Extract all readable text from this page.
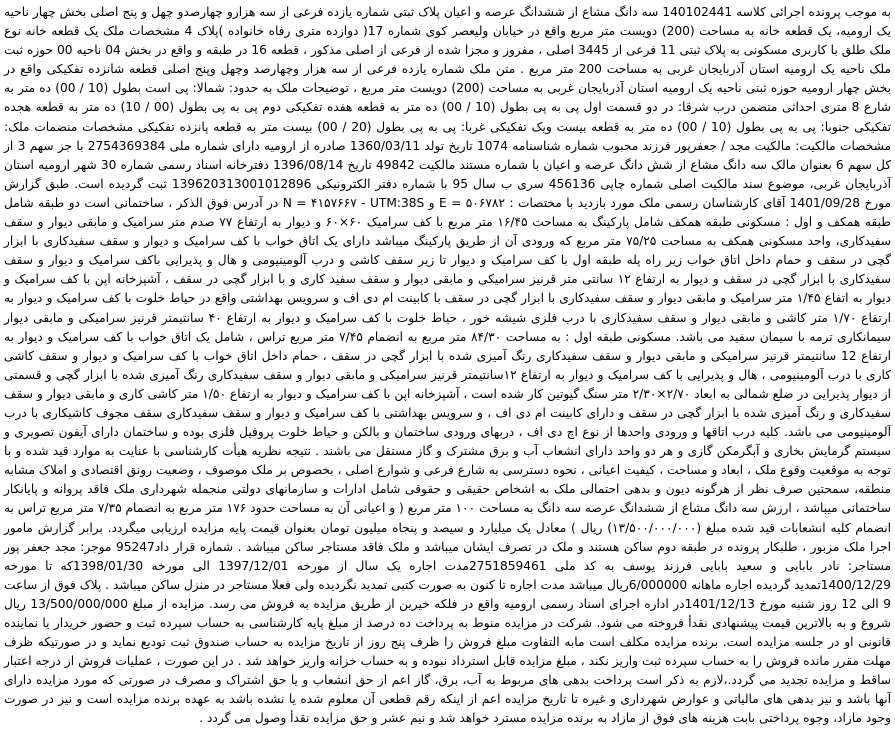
به موجب پرونده اجرائی کلاسه 140102441 سه دانگ مشاع از ششدانگ عرصه و اعیان پلاک ثبتی شماره یازده فرعی از سه هزارو چهارصدو چهل و پنج اصلی بخش چهار ناحیه یک ارومیه، یک قطعه خانه به مساحت (200) دویست متر مربع واقع در خیابان ولیعصر کوی شماره 17( دوازده متری رفاه خانواده )پلاک 4 مشخصات ملک یک قطعه خانه نوع ملک طلق با کاربری مسکونی به پلاک ثبتی 11 فرعی از 3445 اصلی ، مفروز و مجزا شده از فرعی از اصلی مذکور ، قطعه 16 در طبقه و واقع در بخش 04 ناحیه 00 حوزه ثبت ملک ناحیه یک ارومیه استان آذربایجان غربی به مساحت 200 متر مربع . متن ملک شماره یازده فرعی از سه هزار وچهارصد وچهل وپنج اصلی قطعه شانزده تفکیکی واقع در بخش چهار ارومیه حوزه ثبتی ناحیه یک ارومیه استان آذربایجان غربی به مساحت (200) دویست متر مربع ، توضیحات ملک به حدود: شمالا: پی است بطول (10 / 00) ده متر به شارع 8 متری احداثی متضمن درب شرقا: در دو قسمت اول پی به پی بطول (10 / 00) ده متر به قطعه هفده تفکیکی دوم پی به پی بطول (00 / 10) ده متر به قطعه هجده تفکیکی جنوبا: پی به پی بطول (10 / 00) ده متر به قطعه بیست ویک تفکیکی غربا: پی به پی بطول (20 / 00) بیست متر به قطعه پانزده تفکیکی مشخصات منضمات ملک: مشخصات مالکیت: مالکیت مجد / جعفرپور فرزند محبوب شماره شناسنامه 1074 تاریخ تولد 1360/03/11 صادره از ارومیه دارای شماره ملی 2754369384 با جز سهم 3 از کل سهم 6 بعنوان مالک سه دانگ مشاع از شش دانگ عرصه و اعیان با شماره مستند مالکیت 49842 تاریخ 1396/08/14 دفترخانه اسناد رسمی شماره 30 شهر ارومیه استان آذربایجان غربی، موضوع سند مالکیت اصلی شماره چاپی 456136 سری ب سال 95 با شماره دفتر الکترونیکی 139620313001012896 ثبت گردیده است. طبق گزارش مورخ 1401/09/28 آقای کارشناسان رسمی ملک مورد بازدید با مختصات : E = ۵۰۶۷۸۲ و N = ۴۱۵۷۶۶۷ - UTM:38S در آدرس فوق الذکر ، ساختمانی است دو طبقه شامل طبقه همکف و اول : مسکونی طبقه همکف شامل پارکینگ به مساحت ۱۶/۴۵ متر مربع با کف سرامیک ۶۰×۶۰ و دیوار به ارتفاع ۷۷ صدم متر سرامیک و مابقی دیوار و سقف سفیدکاری، واحد مسکونی همکف به مساحت ۷۵/۲۵ متر مربع که ورودی آن از طریق پارکینگ میباشد دارای یک اتاق خواب با کف سرامیک و دیوار و سقف سفیدکاری با ابزار گچی در سقف و حمام داخل اتاق خواب زیر راه پله طبقه اول با کف سرامیک و دیوار تا زیر سقف کاشی و درب آلومینیومی و هال و پذیرایی باکف سرامیک و دیوار و سقف سفیدکاری با ابزار گچی در سقف و دیوار به ارتفاع ۱۲ سانتی متر قرنیز سرامیکی و مابقی دیوار و سقف سفید کاری و با ابزار گچی در سقف ، آشپزخانه اپن با کف سرامیک و دیوار به اتفاع ۱/۴۵ متر سرامیک و مابقی دیوار و سقف سفیدکاری با ابزار گچی در سقف با کابینت ام دی اف و سرویس بهداشتی واقع در حیاط خلوت با کف سرامیک و دیوار به ارتفاع ۱/۷۰ متر کاشی و مابقی دیوار و سقف سفیدکاری با درب فلزی شیشه خور ، حیاط خلوت با کف سرامیک و دیوار به ارتفاع ۴۰ سانتیمتر قرنیز سرامیکی و مابقی دیوار سیمانکاری ترمه با سیمان سفید می باشد. مسکونی طبقه اول : به مساحت ۸۴/۳۰ متر مربع به انضمام ۷/۴۵ متر مربع تراس ، شامل یک اتاق خواب با کف سرامیک و دیوار به ارتفاع 12 سانتیمتر قرنیز سرامیکی و مابقی دیوار و سقف سفیدکاری رنگ آمیزی شده با ابزار گچی در سقف ، حمام داخل اتاق خواب با کف سرامیک و دیوار و سقف کاشی کاری با درب آلومینیومی ، هال و پذیرایی با کف سرامیک و دیوار به ارتفاع ۱۲سانتیمتر قرنیز سرامیکی و مابقی دیوار و سقف سفیدکاری رنگ آمیزی شده با ابزار گچی و قسمتی از دیوار پذیرایی در ضلع شمالی به ابعاد ۲/۷۰×۲/۳۰ متر سنگ گیوتین کار شده است ، آشپزخانه اپن با کف سرامیک و دیوار به ارتفاع ۱/۵۰ متر کاشی کاری و مابقی دیوار و سقف سفیدکاری و رنگ آمیزی شده با ابزار گچی در سقف و دارای کابینت ام دی اف ، و سرویس بهداشتی با کف سرامیک و دیوار و سقف سفیدکاری سقف مجوف کاشیکاری با درب آلومینیومی می باشد. کلیه درب اتاقها و ورودی واحدها از نوع اچ دی اف ، دربهای ورودی ساختمان و بالکن و حیاط خلوت پروفیل فلزی بوده و ساختمان دارای آیفون تصویری و سیستم گرمایش بخاری و آبگرمکن گازی و هر دو واحد دارای انشعاب آب و برق مشترک و گاز مستقل می باشند . نتیجه نظریه هیأت کارشناسی با عنایت به موارد قید شده و با توجه به موقعیت وقوع ملک ، ابعاد و مساحت ، کیفیت اعیانی ، نحوه دسترسی به شارع فرعی و شوارع اصلی ، بخصوص بر ملک موصوف ، وضعیت رونق اقتصادی و املاک مشابه منطقه، سمحتین صرف نظر از هرگونه دیون و بدهی احتمالی ملک به اشخاص حقیقی و حقوقی شامل ادارات و سازمانهای دولتی منجمله شهرداری ملک فاقد پروانه و پایانکار ساختمانی میباشد ، ارزش سه دانگ مشاع از ششدانگ عرصه سه دانگ به مساحت ۱۰۰ متر مربع ( و اعیانی آن به مساحت حدود ۱۷۶ متر مربع به انضمام ۷/۳۵ متر مربع تراس به انضمام کلیه انشعابات قید شده مبلغ (۱۳/۵۰۰/۰۰۰/۰۰۰) ریال ) معادل یک میلیارد و سیصد و پنجاه میلیون تومان بعنوان قیمت پایه مزایده ارزیابی میگردد. برابر گزارش مامور اجرا ملک مزبور ، طلبکار پرونده در طبقه دوم ساکن هستند و ملک در تصرف ایشان میباشد و ملک فاقد مستاجر ساکن میباشد . شماره قرار داد95247 موجر: مجد جعفر پور مستاجر: نادر بابایی و سعید بابایی فرزند یوسف به کد ملی 2751859461مدت اجاره یک سال از مورخه 1397/12/01 الی مورخه 1398/01/30که تا مورخه 1400/12/29تمدید گردیده اجاره ماهانه 6/000000ریال میباشد مدت اجاره تا کنون به صورت کتبی تمدید نگردیده ولی فعلا مستاجر در منزل ساکن میباشد . پلاک فوق از ساعت 9 الی 12 روز شنبه مورخ 1401/12/13در اداره اجرای اسناد رسمی ارومیه واقع در فلکه خیرین از طریق مزایده به فروش می رسد. مزایده از مبلغ 13/500/000/000 ریال شروع و به بالاترین قیمت پیشنهادی نقدأ فروخته می شود. شرکت در مزایده منوط به پرداخت ده درصد از مبلغ پایه کارشناسی به حساب سپرده ثبت و حضور خریدار یا نماینده قانونی او در جلسه مزایده است. برنده مزایده مکلف است مابه التفاوت مبلغ فروش را ظرف پنج روز از تاریخ مزایده به حساب صندوق ثبت تودیع نماید و در صورتیکه ظرف مهلت مقرر مانده فروش را به حساب سپرده ثبت واریز نکند ، مبلغ مزایده قابل استرداد نبوده و به حساب خزانه واریز خواهد شد . در این صورت ، عملیات فروش از درجه اعتبار ساقط و مزایده تجدید می گردد.،لازم به ذکر است پرداخت بدهی های مربوط به آب، برق، گاز اعم از حق انشعاب و یا حق اشتراک و مصرف در صورتی که مورد مزایده دارای آنها باشد و نیز بدهی های مالیاتی و عوارض شهرداری و غیره تا تاریخ مزایده اعم از اینکه رقم قطعی آن معلوم شده یا نشده باشد به عهده برنده مزایده است و نیز در صورت وجود مازاد، وجوه پرداختی بابت هزینه های فوق از مازاد به برنده مزایده مسترد خواهد شد و نیم عشر و حق مزایده نقدأ وصول می گردد .
